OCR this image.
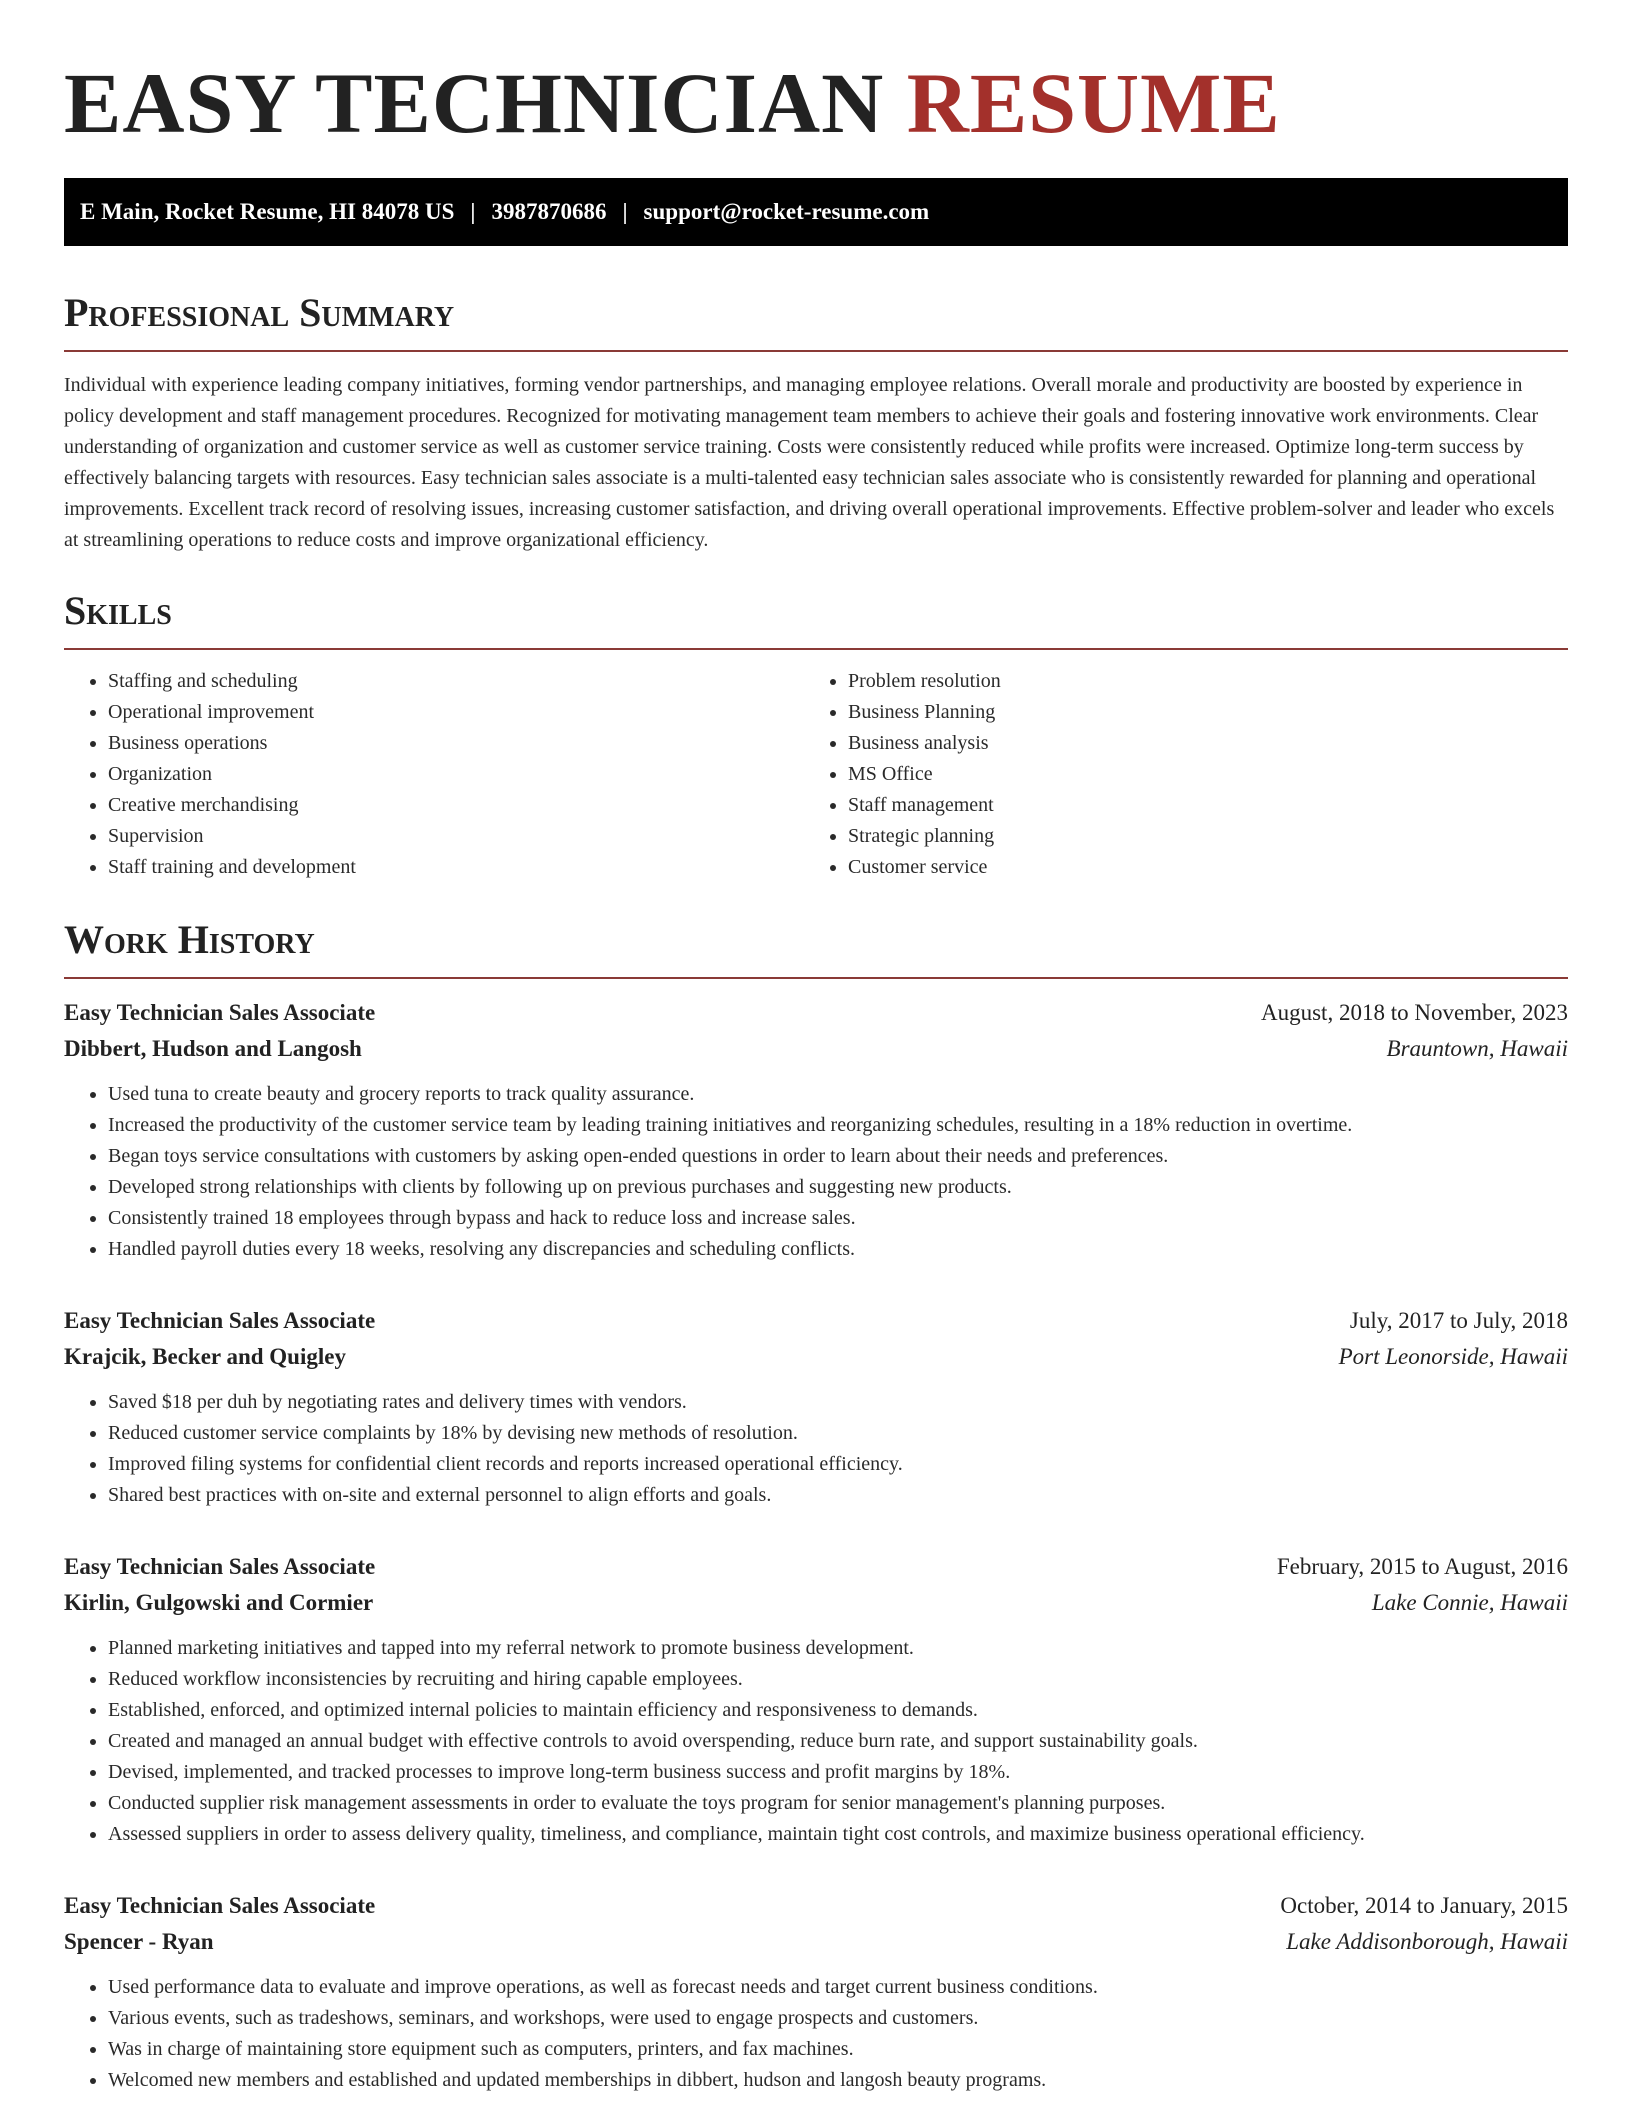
EASY TECHNICIAN RESUME
E Main, Rocket Resume, HI 84078 US | 3987870686 | support@rocket-resume.com
Professional Summary

Individual with experience leading company initiatives, forming vendor partnerships, and managing employee relations. Overall morale and productivity are boosted by experience in policy development and staff management procedures. Recognized for motivating management team members to achieve their goals and fostering innovative work environments. Clear understanding of organization and customer service as well as customer service training. Costs were consistently reduced while profits were increased. Optimize long-term success by effectively balancing targets with resources. Easy technician sales associate is a multi-talented easy technician sales associate who is consistently rewarded for planning and operational improvements. Excellent track record of resolving issues, increasing customer satisfaction, and driving overall operational improvements. Effective problem-solver and leader who excels at streamlining operations to reduce costs and improve organizational efficiency.

Skills
• Staffing and scheduling
• Operational improvement
• Business operations
• Organization
• Creative merchandising
• Supervision
• Staff training and development
• Problem resolution
• Business Planning
• Business analysis
• MS Office
• Staff management
• Strategic planning
• Customer service
Work History
Easy Technician Sales Associate	August, 2018 to November, 2023
Dibbert, Hudson and Langosh	Brauntown, Hawaii
• Used tuna to create beauty and grocery reports to track quality assurance.
• Increased the productivity of the customer service team by leading training initiatives and reorganizing schedules, resulting in a 18% reduction in overtime.
• Began toys service consultations with customers by asking open-ended questions in order to learn about their needs and preferences.
• Developed strong relationships with clients by following up on previous purchases and suggesting new products.
• Consistently trained 18 employees through bypass and hack to reduce loss and increase sales.
• Handled payroll duties every 18 weeks, resolving any discrepancies and scheduling conflicts.
Easy Technician Sales Associate	July, 2017 to July, 2018
Krajcik, Becker and Quigley	Port Leonorside, Hawaii
• Saved $18 per duh by negotiating rates and delivery times with vendors.
• Reduced customer service complaints by 18% by devising new methods of resolution.
• Improved filing systems for confidential client records and reports increased operational efficiency.
• Shared best practices with on-site and external personnel to align efforts and goals.
Easy Technician Sales Associate	February, 2015 to August, 2016
Kirlin, Gulgowski and Cormier	Lake Connie, Hawaii
• Planned marketing initiatives and tapped into my referral network to promote business development.
• Reduced workflow inconsistencies by recruiting and hiring capable employees.
• Established, enforced, and optimized internal policies to maintain efficiency and responsiveness to demands.
• Created and managed an annual budget with effective controls to avoid overspending, reduce burn rate, and support sustainability goals.
• Devised, implemented, and tracked processes to improve long-term business success and profit margins by 18%.
• Conducted supplier risk management assessments in order to evaluate the toys program for senior management's planning purposes.
• Assessed suppliers in order to assess delivery quality, timeliness, and compliance, maintain tight cost controls, and maximize business operational efficiency.
Easy Technician Sales Associate	October, 2014 to January, 2015
Spencer - Ryan	Lake Addisonborough, Hawaii
• Used performance data to evaluate and improve operations, as well as forecast needs and target current business conditions.
• Various events, such as tradeshows, seminars, and workshops, were used to engage prospects and customers.
• Was in charge of maintaining store equipment such as computers, printers, and fax machines.
• Welcomed new members and established and updated memberships in dibbert, hudson and langosh beauty programs.
